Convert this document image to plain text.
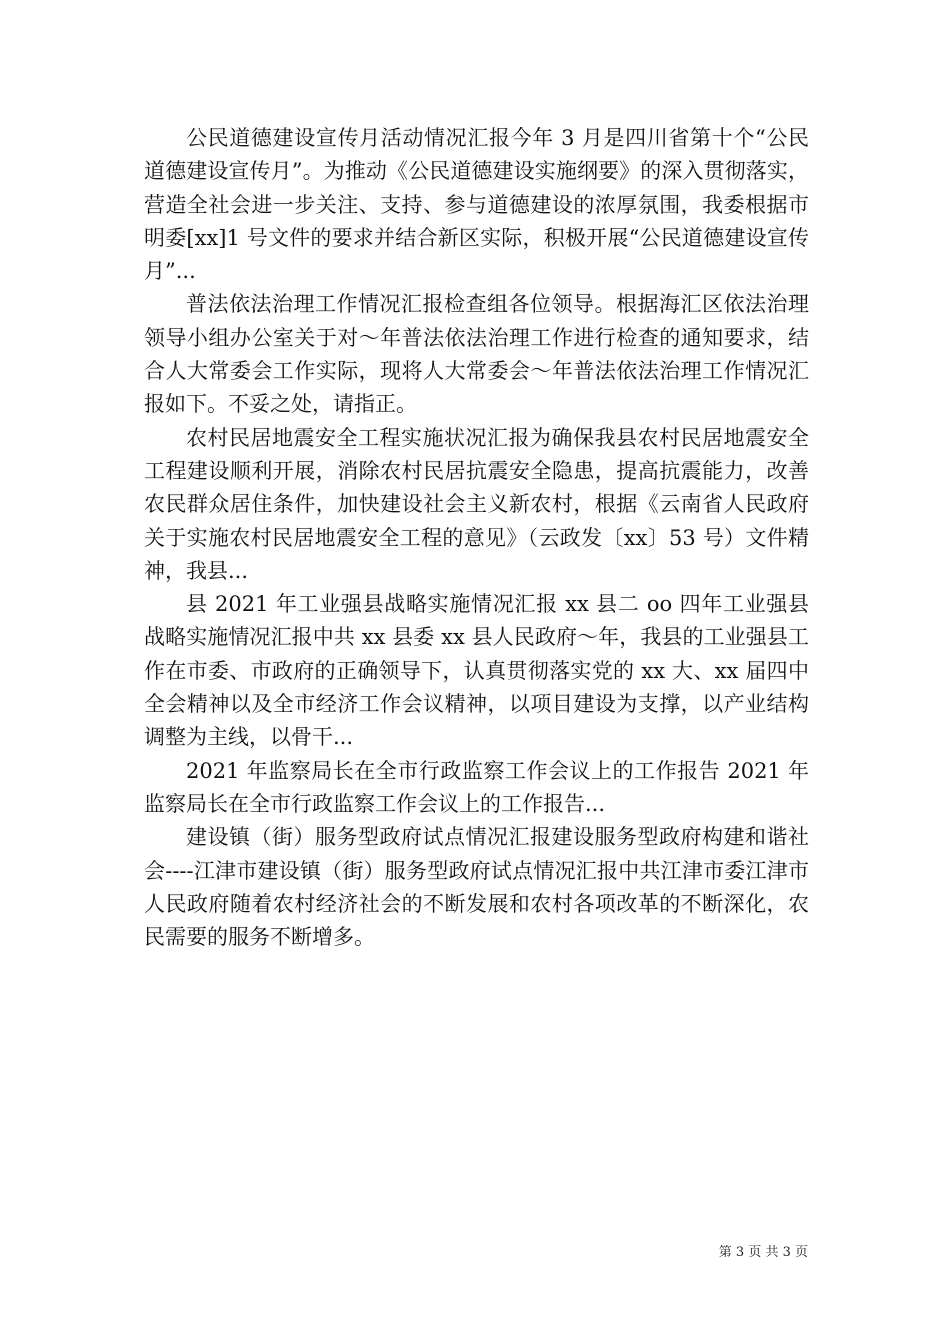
公民道德建设宣传月活动情况汇报今年 3 月是四川省第十个“公民道德建设宣传月”。为推动《公民道德建设实施纲要》的深入贯彻落实，营造全社会进一步关注、支持、参与道德建设的浓厚氛围，我委根据市明委[xx]1 号文件的要求并结合新区实际，积极开展“公民道德建设宣传月”...

普法依法治理工作情况汇报检查组各位领导。根据海汇区依法治理领导小组办公室关于对～年普法依法治理工作进行检查的通知要求，结合人大常委会工作实际，现将人大常委会～年普法依法治理工作情况汇报如下。不妥之处，请指正。

农村民居地震安全工程实施状况汇报为确保我县农村民居地震安全工程建设顺利开展，消除农村民居抗震安全隐患，提高抗震能力，改善农民群众居住条件，加快建设社会主义新农村，根据《云南省人民政府关于实施农村民居地震安全工程的意见》（云政发〔xx〕53 号）文件精神，我县...

县 2021 年工业强县战略实施情况汇报 xx 县二 oo 四年工业强县战略实施情况汇报中共 xx 县委 xx 县人民政府～年，我县的工业强县工作在市委、市政府的正确领导下，认真贯彻落实党的 xx 大、xx 届四中全会精神以及全市经济工作会议精神，以项目建设为支撑，以产业结构调整为主线，以骨干...

2021 年监察局长在全市行政监察工作会议上的工作报告 2021 年监察局长在全市行政监察工作会议上的工作报告...

建设镇（街）服务型政府试点情况汇报建设服务型政府构建和谐社会----江津市建设镇（街）服务型政府试点情况汇报中共江津市委江津市人民政府随着农村经济社会的不断发展和农村各项改革的不断深化，农民需要的服务不断增多。

第 3 页 共 3 页
